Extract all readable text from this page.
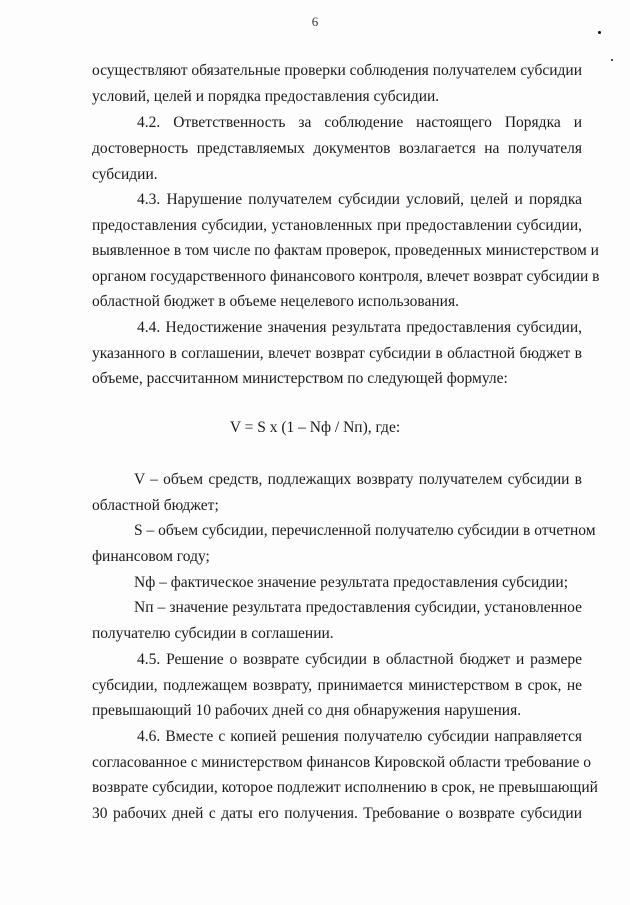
6
осуществляют обязательные проверки соблюдения получателем субсидии
условий, целей и порядка предоставления субсидии.
4.2. Ответственность за соблюдение настоящего Порядка и
достоверность представляемых документов возлагается на получателя
субсидии.
4.3. Нарушение получателем субсидии условий, целей и порядка
предоставления субсидии, установленных при предоставлении субсидии,
выявленное в том числе по фактам проверок, проведенных министерством и
органом государственного финансового контроля, влечет возврат субсидии в
областной бюджет в объеме нецелевого использования.
4.4. Недостижение значения результата предоставления субсидии,
указанного в соглашении, влечет возврат субсидии в областной бюджет в
объеме, рассчитанном министерством по следующей формуле:
V = S x (1 – Nф / Nп), где:
V – объем средств, подлежащих возврату получателем субсидии в
областной бюджет;
S – объем субсидии, перечисленной получателю субсидии в отчетном
финансовом году;
Nф – фактическое значение результата предоставления субсидии;
Nп – значение результата предоставления субсидии, установленное
получателю субсидии в соглашении.
4.5. Решение о возврате субсидии в областной бюджет и размере
субсидии, подлежащем возврату, принимается министерством в срок, не
превышающий 10 рабочих дней со дня обнаружения нарушения.
4.6. Вместе с копией решения получателю субсидии направляется
согласованное с министерством финансов Кировской области требование о
возврате субсидии, которое подлежит исполнению в срок, не превышающий
30 рабочих дней с даты его получения. Требование о возврате субсидии
